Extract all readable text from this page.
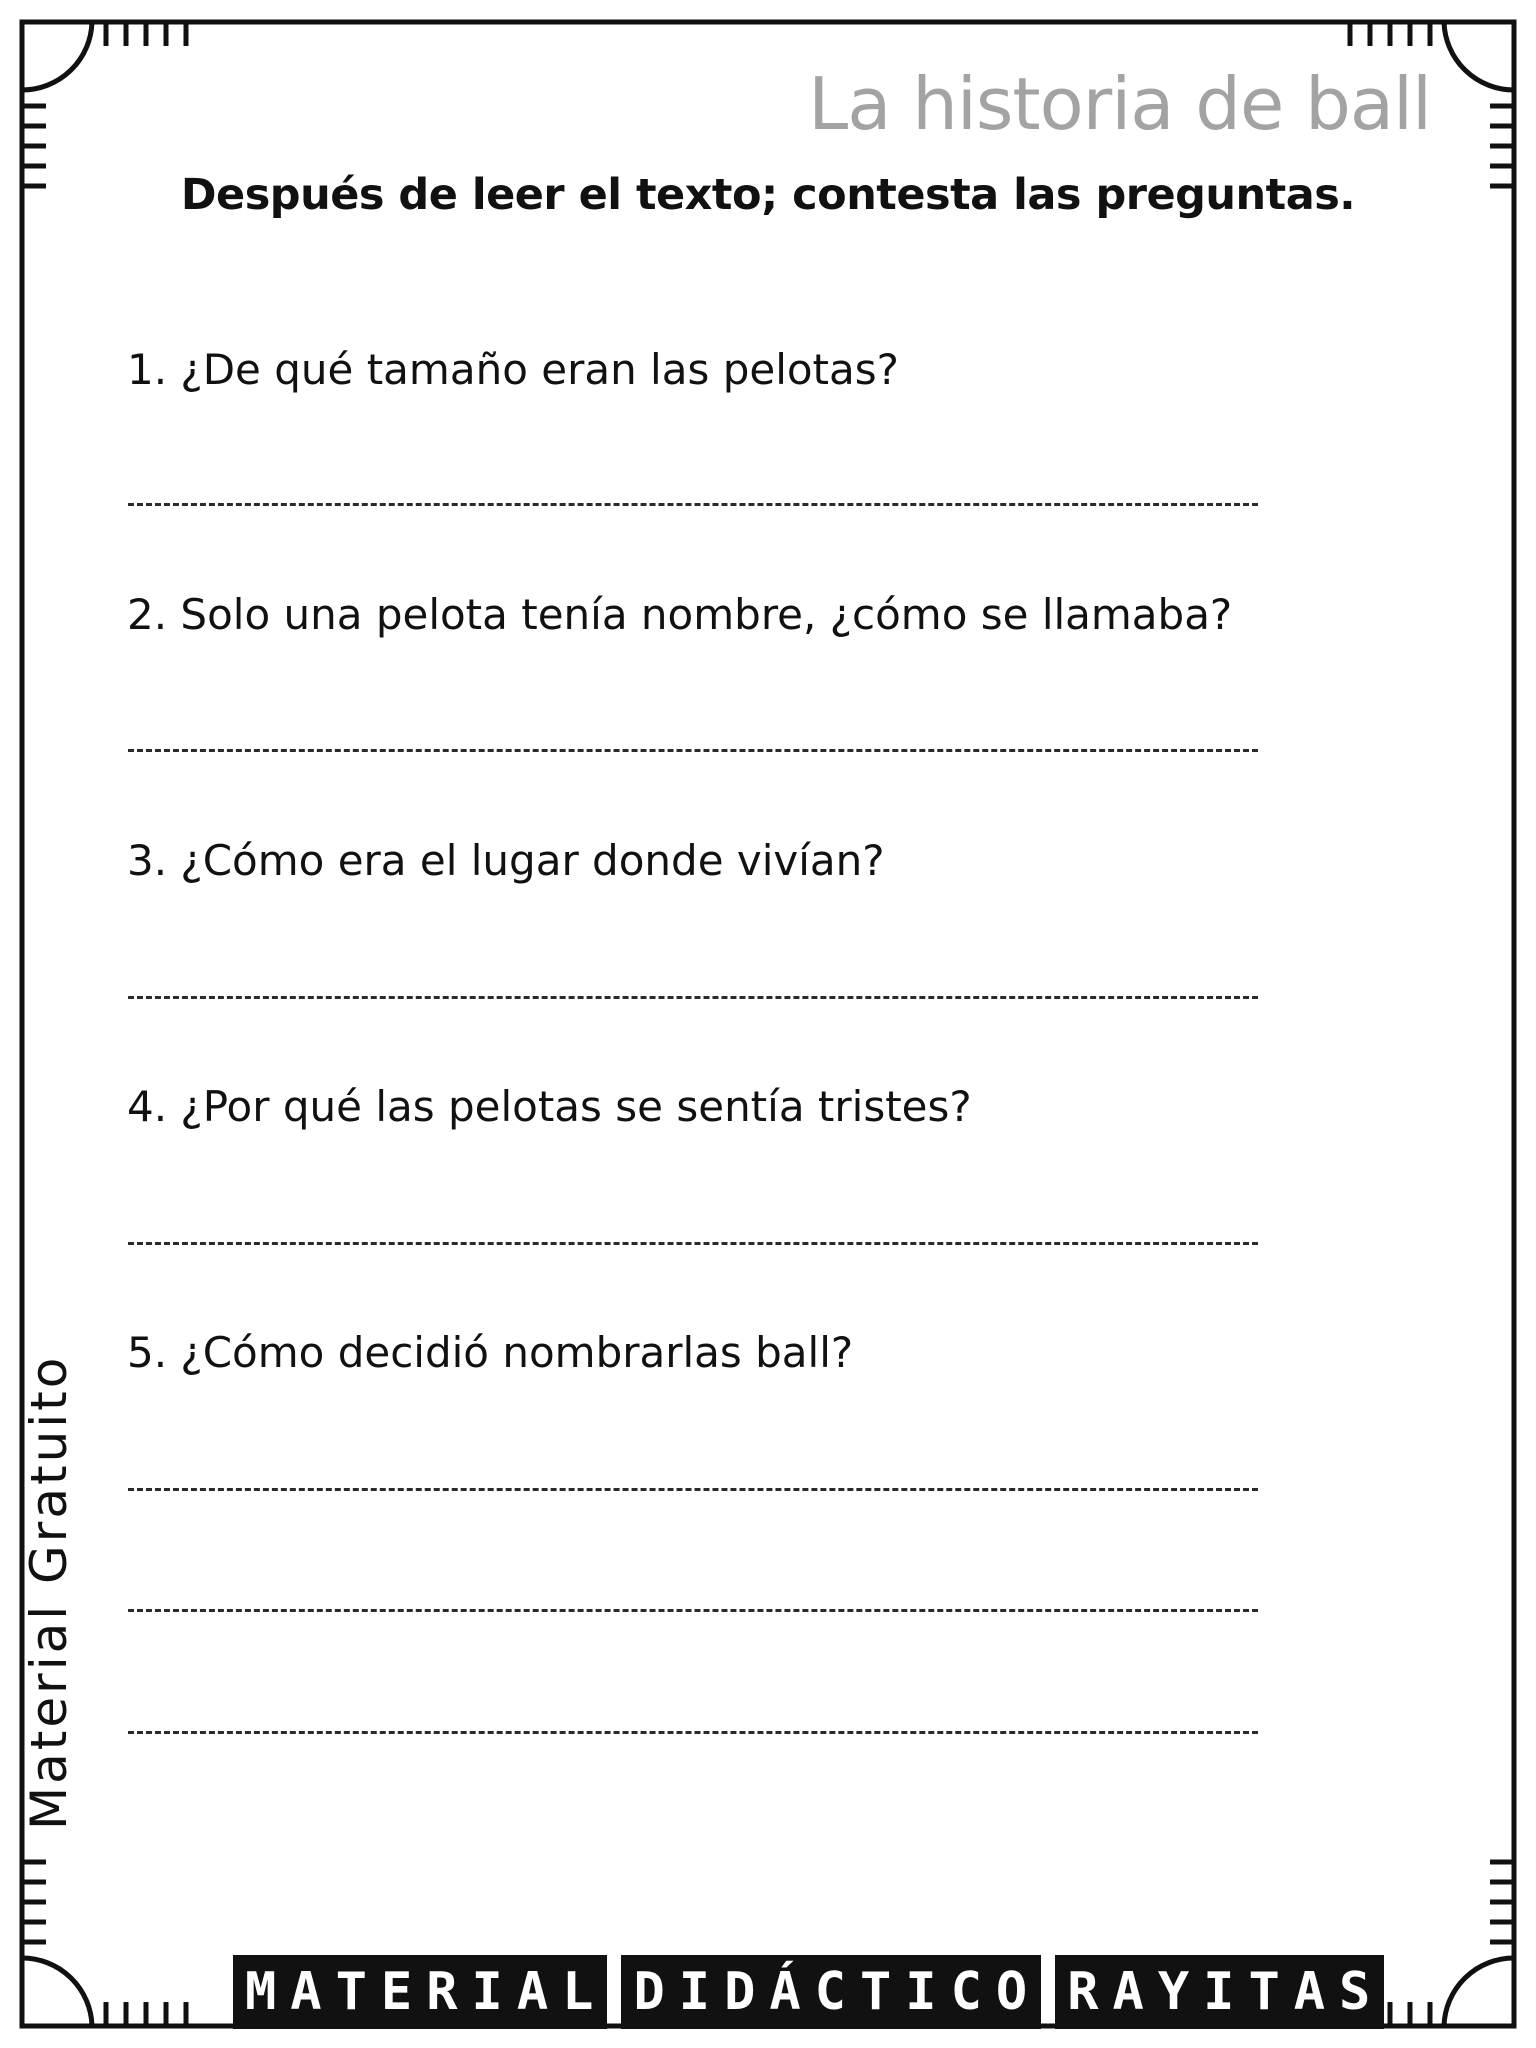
La historia de ball
Después de leer el texto; contesta las preguntas.
1. ¿De qué tamaño eran las pelotas?
2. Solo una pelota tenía nombre, ¿cómo se llamaba?
3. ¿Cómo era el lugar donde vivían?
4. ¿Por qué las pelotas se sentía tristes?
5. ¿Cómo decidió nombrarlas ball?
Material Gratuito
MATERIAL DIDÁCTICO RAYITAS
